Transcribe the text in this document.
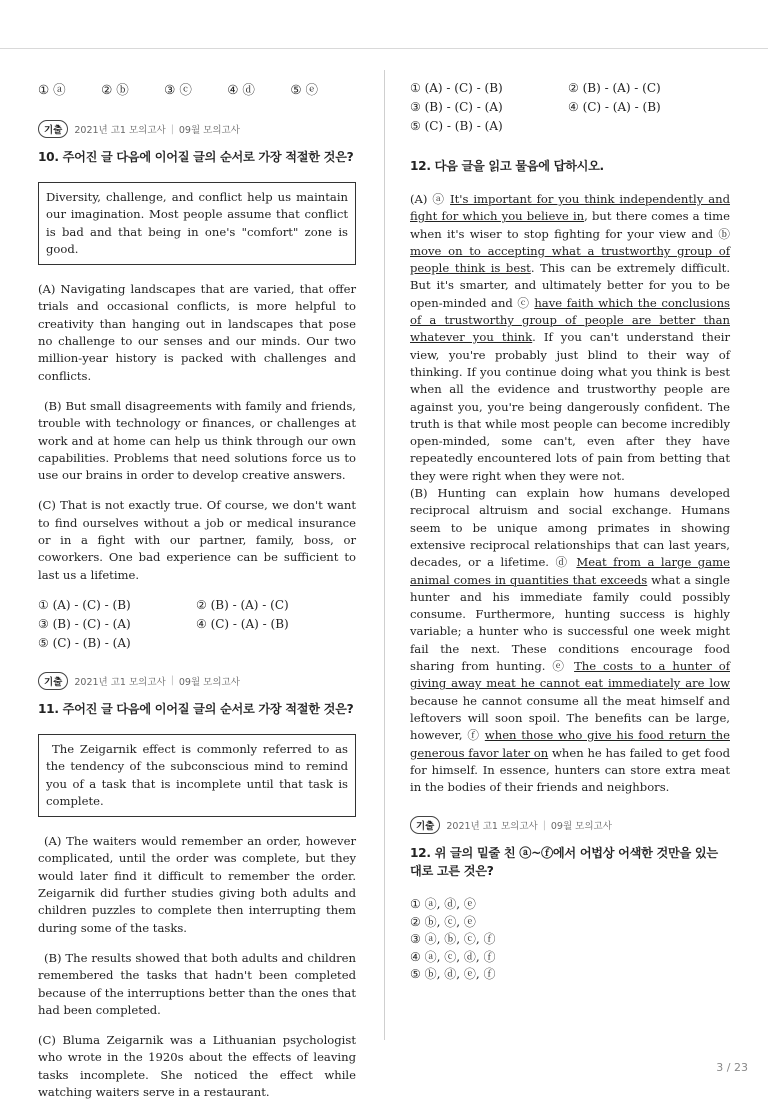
① ⓐ	② ⓑ	③ ⓒ	④ ⓓ	⑤ ⓔ
기출	2021년 고1 모의고사 | 09월 모의고사
10. 주어진 글 다음에 이어질 글의 순서로 가장 적절한 것은?
Diversity, challenge, and conflict help us maintain our imagination. Most people assume that conflict is bad and that being in one's "comfort" zone is good.

(A) Navigating landscapes that are varied, that offer trials and occasional conflicts, is more helpful to creativity than hanging out in landscapes that pose no challenge to our senses and our minds. Our two million-year history is packed with challenges and conflicts.

(B) But small disagreements with family and friends, trouble with technology or finances, or challenges at work and at home can help us think through our own capabilities. Problems that need solutions force us to use our brains in order to develop creative answers.

(C) That is not exactly true. Of course, we don't want to find ourselves without a job or medical insurance or in a fight with our partner, family, boss, or coworkers. One bad experience can be sufficient to last us a lifetime.

① (A) - (C) - (B)	② (B) - (A) - (C)
③ (B) - (C) - (A)	④ (C) - (A) - (B)
⑤ (C) - (B) - (A)
기출	2021년 고1 모의고사 | 09월 모의고사
11. 주어진 글 다음에 이어질 글의 순서로 가장 적절한 것은?
The Zeigarnik effect is commonly referred to as the tendency of the subconscious mind to remind you of a task that is incomplete until that task is complete.

(A) The waiters would remember an order, however complicated, until the order was complete, but they would later find it difficult to remember the order. Zeigarnik did further studies giving both adults and children puzzles to complete then interrupting them during some of the tasks.

(B) The results showed that both adults and children remembered the tasks that hadn't been completed because of the interruptions better than the ones that had been completed.

(C) Bluma Zeigarnik was a Lithuanian psychologist who wrote in the 1920s about the effects of leaving tasks incomplete. She noticed the effect while watching waiters serve in a restaurant.

① (A) - (C) - (B)	② (B) - (A) - (C)
③ (B) - (C) - (A)	④ (C) - (A) - (B)
⑤ (C) - (B) - (A)
12. 다음 글을 읽고 물음에 답하시오.

(A) ⓐ It's important for you think independently and fight for which you believe in, but there comes a time when it's wiser to stop fighting for your view and ⓑ move on to accepting what a trustworthy group of people think is best. This can be extremely difficult. But it's smarter, and ultimately better for you to be open-minded and ⓒ have faith which the conclusions of a trustworthy group of people are better than whatever you think. If you can't understand their view, you're probably just blind to their way of thinking. If you continue doing what you think is best when all the evidence and trustworthy people are against you, you're being dangerously confident. The truth is that while most people can become incredibly open-minded, some can't, even after they have repeatedly encountered lots of pain from betting that they were right when they were not.

(B) Hunting can explain how humans developed reciprocal altruism and social exchange. Humans seem to be unique among primates in showing extensive reciprocal relationships that can last years, decades, or a lifetime. ⓓ Meat from a large game animal comes in quantities that exceeds what a single hunter and his immediate family could possibly consume. Furthermore, hunting success is highly variable; a hunter who is successful one week might fail the next. These conditions encourage food sharing from hunting. ⓔ The costs to a hunter of giving away meat he cannot eat immediately are low because he cannot consume all the meat himself and leftovers will soon spoil. The benefits can be large, however, ⓕ when those who give his food return the generous favor later on when he has failed to get food for himself. In essence, hunters can store extra meat in the bodies of their friends and neighbors.

기출	2021년 고1 모의고사 | 09월 모의고사
12. 위 글의 밑줄 친 ⓐ~ⓕ에서 어법상 어색한 것만을 있는 대로 고른 것은?
① ⓐ, ⓓ, ⓔ
② ⓑ, ⓒ, ⓔ
③ ⓐ, ⓑ, ⓒ, ⓕ
④ ⓐ, ⓒ, ⓓ, ⓕ
⑤ ⓑ, ⓓ, ⓔ, ⓕ
3 / 23
